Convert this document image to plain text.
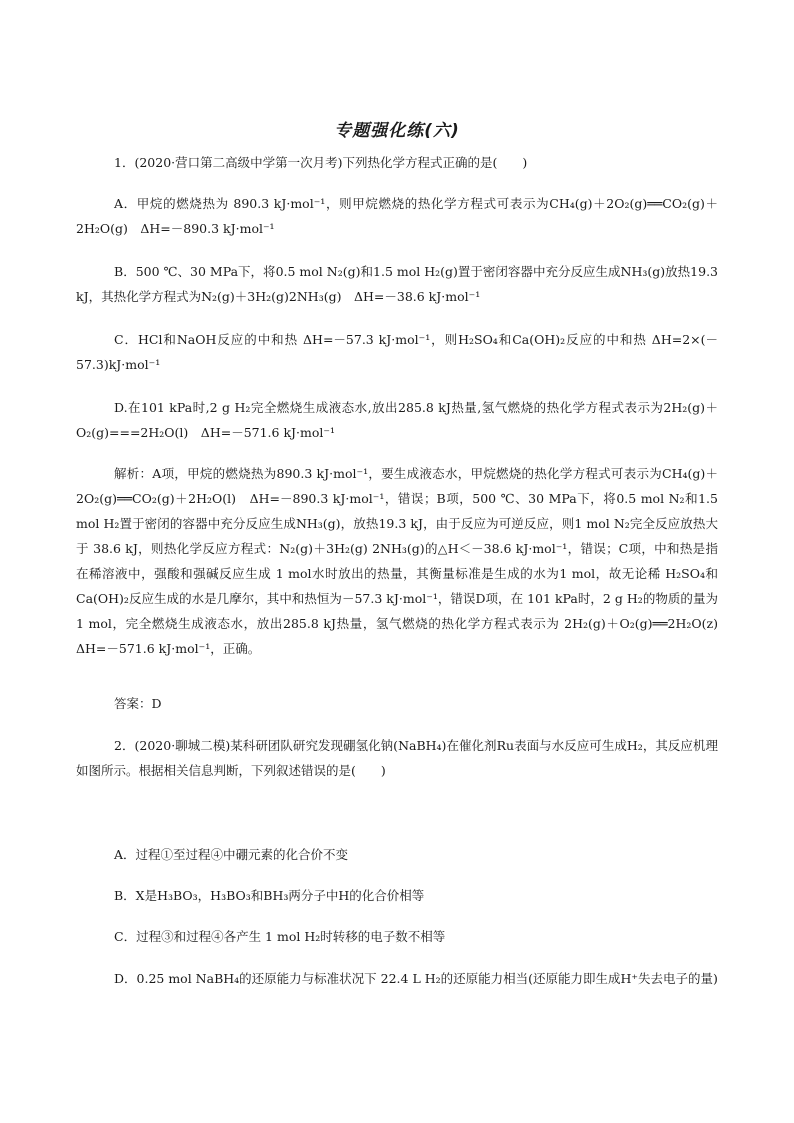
专题强化练(六)
1．(2020·营口第二高级中学第一次月考)下列热化学方程式正确的是(　　)
A．甲烷的燃烧热为 890.3 kJ·mol⁻¹，则甲烷燃烧的热化学方程式可表示为CH₄(g)＋2O₂(g)══CO₂(g)＋2H₂O(g)　ΔH=－890.3 kJ·mol⁻¹
B．500 ℃、30 MPa下，将0.5 mol N₂(g)和1.5 mol H₂(g)置于密闭容器中充分反应生成NH₃(g)放热19.3 kJ，其热化学方程式为N₂(g)＋3H₂(g)2NH₃(g)　ΔH=－38.6 kJ·mol⁻¹
C．HCl和NaOH反应的中和热 ΔH=－57.3 kJ·mol⁻¹，则H₂SO₄和Ca(OH)₂反应的中和热 ΔH=2×(－57.3)kJ·mol⁻¹
D.在101 kPa时,2 g H₂完全燃烧生成液态水,放出285.8 kJ热量,氢气燃烧的热化学方程式表示为2H₂(g)＋O₂(g)===2H₂O(l)　ΔH=－571.6 kJ·mol⁻¹
解析：A项，甲烷的燃烧热为890.3 kJ·mol⁻¹，要生成液态水，甲烷燃烧的热化学方程式可表示为CH₄(g)＋2O₂(g)══CO₂(g)＋2H₂O(l)　ΔH=－890.3 kJ·mol⁻¹，错误；B项，500 ℃、30 MPa下，将0.5 mol N₂和1.5 mol H₂置于密闭的容器中充分反应生成NH₃(g)，放热19.3 kJ，由于反应为可逆反应，则1 mol N₂完全反应放热大于 38.6 kJ，则热化学反应方程式：N₂(g)＋3H₂(g) 2NH₃(g)的△H＜－38.6 kJ·mol⁻¹，错误；C项，中和热是指在稀溶液中，强酸和强碱反应生成 1 mol水时放出的热量，其衡量标准是生成的水为1 mol，故无论稀 H₂SO₄和Ca(OH)₂反应生成的水是几摩尔，其中和热恒为－57.3 kJ·mol⁻¹，错误D项，在 101 kPa时，2 g H₂的物质的量为1 mol，完全燃烧生成液态水，放出285.8 kJ热量，氢气燃烧的热化学方程式表示为 2H₂(g)＋O₂(g)══2H₂O(z)　ΔH=－571.6 kJ·mol⁻¹，正确。
答案：D
2．(2020·聊城二模)某科研团队研究发现硼氢化钠(NaBH₄)在催化剂Ru表面与水反应可生成H₂，其反应机理如图所示。根据相关信息判断，下列叙述错误的是(　　)
A．过程①至过程④中硼元素的化合价不变
B．X是H₃BO₃，H₃BO₃和BH₃两分子中H的化合价相等
C．过程③和过程④各产生 1 mol H₂时转移的电子数不相等
D．0.25 mol NaBH₄的还原能力与标准状况下 22.4 L H₂的还原能力相当(还原能力即生成H⁺失去电子的量)
